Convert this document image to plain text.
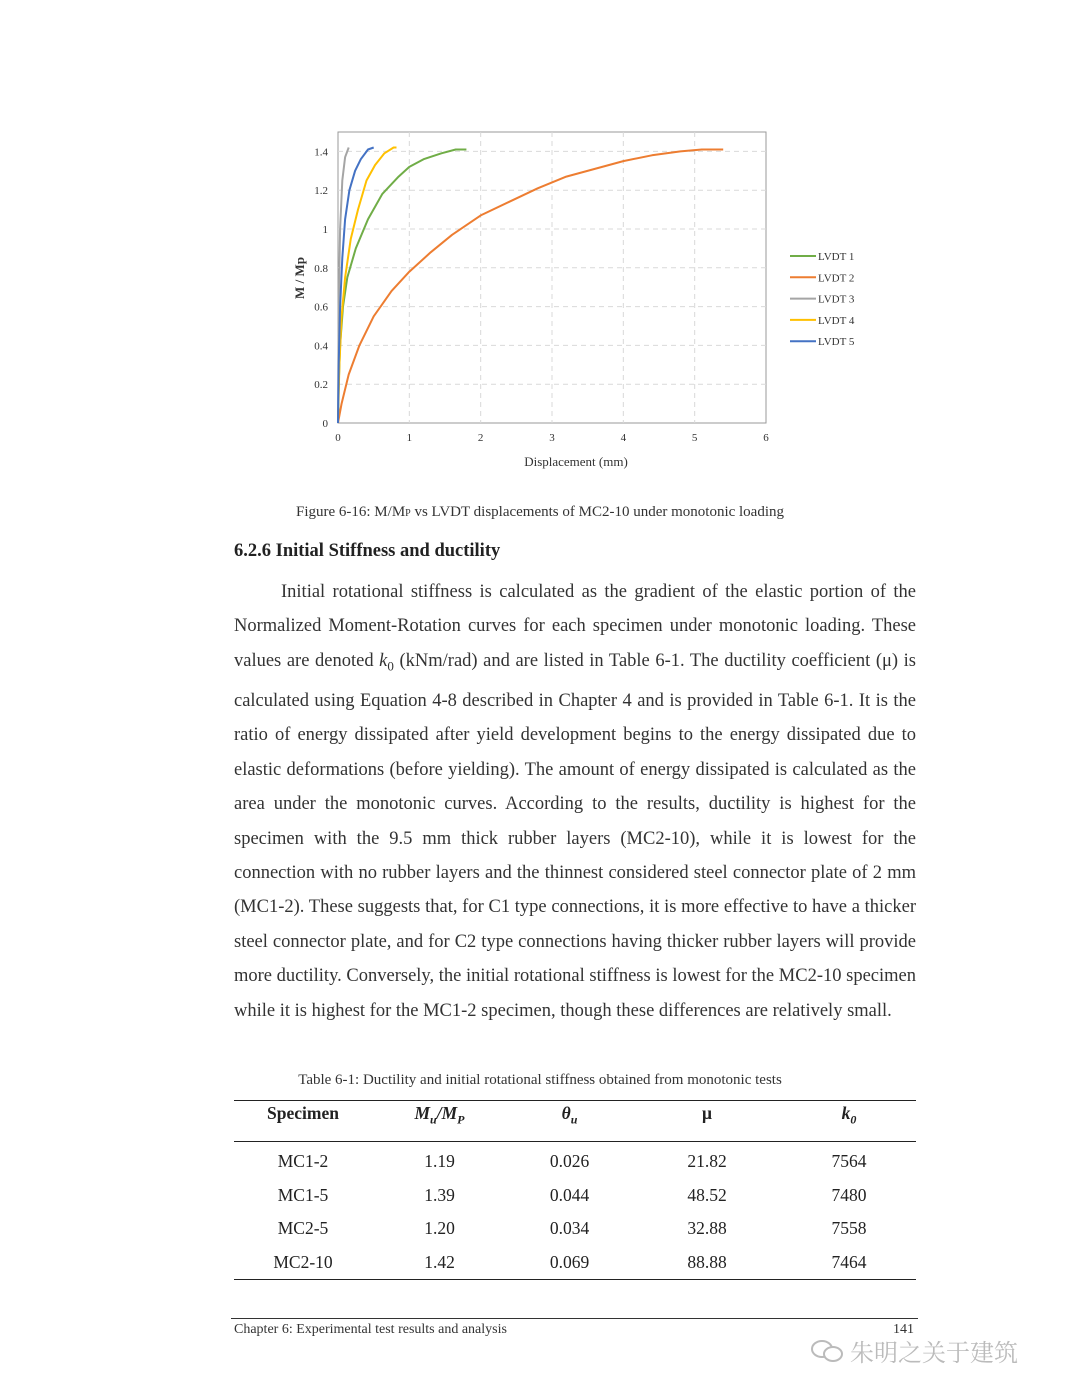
0
0.2
0.4
0.6
0.8
1
1.2
1.4
0	1	2	3	4	5	6
LVDT 1
LVDT 2
LVDT 3
LVDT 4
LVDT 5
Displacement (mm)
M / Mp
Figure 6-16: M/MP vs LVDT displacements of MC2-10 under monotonic loading
6.2.6 Initial Stiffness and ductility

Initial rotational stiffness is calculated as the gradient of the elastic portion of the Normalized Moment-Rotation curves for each specimen under monotonic loading. These values are denoted $k_0$ (kNm/rad) and are listed in Table 6-1. The ductility coefficient (μ) is calculated using Equation 4-8 described in Chapter 4 and is provided in Table 6-1. It is the ratio of energy dissipated after yield development begins to the energy dissipated due to elastic deformations (before yielding). The amount of energy dissipated is calculated as the area under the monotonic curves. According to the results, ductility is highest for the specimen with the 9.5 mm thick rubber layers (MC2-10), while it is lowest for the connection with no rubber layers and the thinnest considered steel connector plate of 2 mm (MC1-2). These suggests that, for C1 type connections, it is more effective to have a thicker steel connector plate, and for C2 type connections having thicker rubber layers will provide more ductility. Conversely, the initial rotational stiffness is lowest for the MC2-10 specimen while it is highest for the MC1-2 specimen, though these differences are relatively small.

Table 6-1: Ductility and initial rotational stiffness obtained from monotonic tests
Specimen	$M_u/M_P$	$\theta_u$	μ	$k_0$
MC1-2	1.19	0.026	21.82	7564
MC1-5	1.39	0.044	48.52	7480
MC2-5	1.20	0.034	32.88	7558
MC2-10	1.42	0.069	88.88	7464
Chapter 6: Experimental test results and analysis	141
朱明之关于建筑
